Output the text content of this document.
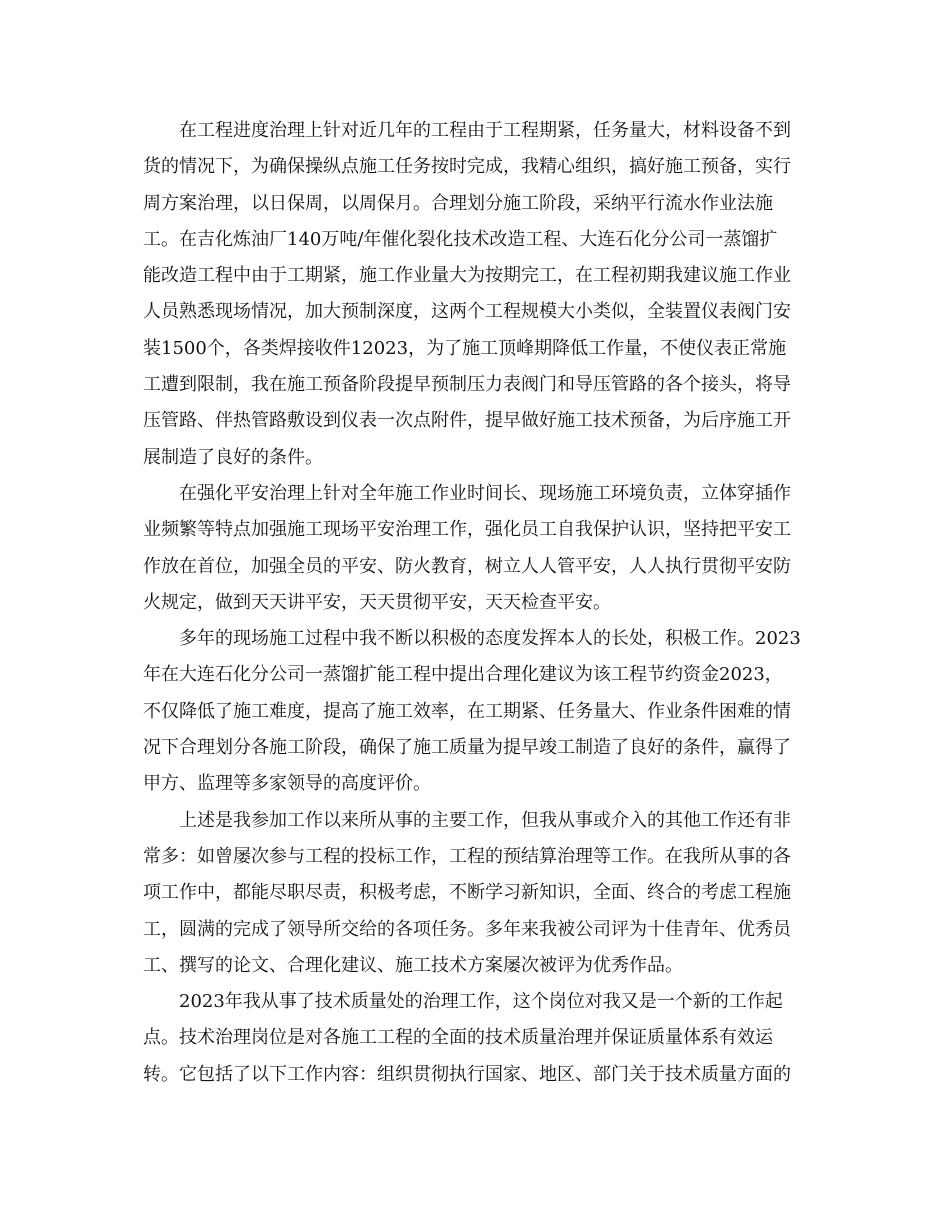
在工程进度治理上针对近几年的工程由于工程期紧，任务量大，材料设备不到
货的情况下，为确保操纵点施工任务按时完成，我精心组织，搞好施工预备，实行
周方案治理，以日保周，以周保月。合理划分施工阶段，采纳平行流水作业法施
工。在吉化炼油厂140万吨/年催化裂化技术改造工程、大连石化分公司一蒸馏扩
能改造工程中由于工期紧，施工作业量大为按期完工，在工程初期我建议施工作业
人员熟悉现场情况，加大预制深度，这两个工程规模大小类似，全装置仪表阀门安
装1500个，各类焊接收件12023，为了施工顶峰期降低工作量，不使仪表正常施
工遭到限制，我在施工预备阶段提早预制压力表阀门和导压管路的各个接头，将导
压管路、伴热管路敷设到仪表一次点附件，提早做好施工技术预备，为后序施工开
展制造了良好的条件。
在强化平安治理上针对全年施工作业时间长、现场施工环境负责，立体穿插作
业频繁等特点加强施工现场平安治理工作，强化员工自我保护认识，坚持把平安工
作放在首位，加强全员的平安、防火教育，树立人人管平安，人人执行贯彻平安防
火规定，做到天天讲平安，天天贯彻平安，天天检查平安。
多年的现场施工过程中我不断以积极的态度发挥本人的长处，积极工作。2023
年在大连石化分公司一蒸馏扩能工程中提出合理化建议为该工程节约资金2023，
不仅降低了施工难度，提高了施工效率，在工期紧、任务量大、作业条件困难的情
况下合理划分各施工阶段，确保了施工质量为提早竣工制造了良好的条件，赢得了
甲方、监理等多家领导的高度评价。
上述是我参加工作以来所从事的主要工作，但我从事或介入的其他工作还有非
常多：如曾屡次参与工程的投标工作，工程的预结算治理等工作。在我所从事的各
项工作中，都能尽职尽责，积极考虑，不断学习新知识，全面、终合的考虑工程施
工，圆满的完成了领导所交给的各项任务。多年来我被公司评为十佳青年、优秀员
工、撰写的论文、合理化建议、施工技术方案屡次被评为优秀作品。
2023年我从事了技术质量处的治理工作，这个岗位对我又是一个新的工作起
点。技术治理岗位是对各施工工程的全面的技术质量治理并保证质量体系有效运
转。它包括了以下工作内容：组织贯彻执行国家、地区、部门关于技术质量方面的
